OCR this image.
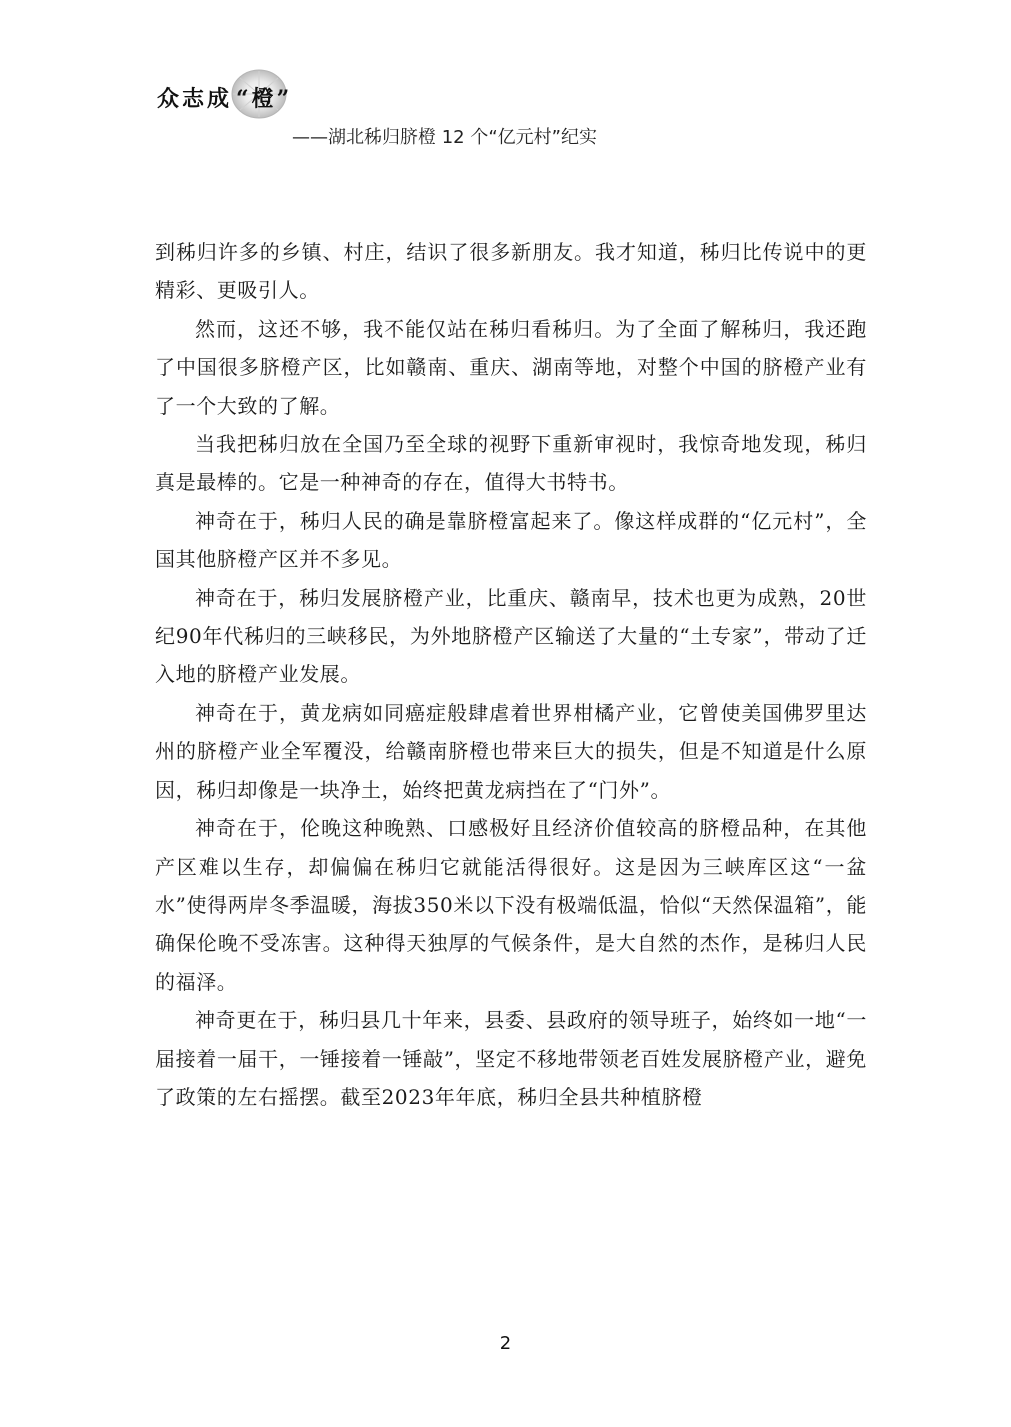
众志成 “橙”
——湖北秭归脐橙 12 个“亿元村”纪实

到秭归许多的乡镇、村庄，结识了很多新朋友。我才知道，秭归比传说中的更精彩、更吸引人。

然而，这还不够，我不能仅站在秭归看秭归。为了全面了解秭归，我还跑了中国很多脐橙产区，比如赣南、重庆、湖南等地，对整个中国的脐橙产业有了一个大致的了解。

当我把秭归放在全国乃至全球的视野下重新审视时，我惊奇地发现，秭归真是最棒的。它是一种神奇的存在，值得大书特书。

神奇在于，秭归人民的确是靠脐橙富起来了。像这样成群的“亿元村”，全国其他脐橙产区并不多见。

神奇在于，秭归发展脐橙产业，比重庆、赣南早，技术也更为成熟，20世纪90年代秭归的三峡移民，为外地脐橙产区输送了大量的“土专家”，带动了迁入地的脐橙产业发展。

神奇在于，黄龙病如同癌症般肆虐着世界柑橘产业，它曾使美国佛罗里达州的脐橙产业全军覆没，给赣南脐橙也带来巨大的损失，但是不知道是什么原因，秭归却像是一块净土，始终把黄龙病挡在了“门外”。

神奇在于，伦晚这种晚熟、口感极好且经济价值较高的脐橙品种，在其他产区难以生存，却偏偏在秭归它就能活得很好。这是因为三峡库区这“一盆水”使得两岸冬季温暖，海拔350米以下没有极端低温，恰似“天然保温箱”，能确保伦晚不受冻害。这种得天独厚的气候条件，是大自然的杰作，是秭归人民的福泽。

神奇更在于，秭归县几十年来，县委、县政府的领导班子，始终如一地“一届接着一届干，一锤接着一锤敲”，坚定不移地带领老百姓发展脐橙产业，避免了政策的左右摇摆。截至2023年年底，秭归全县共种植脐橙

2
